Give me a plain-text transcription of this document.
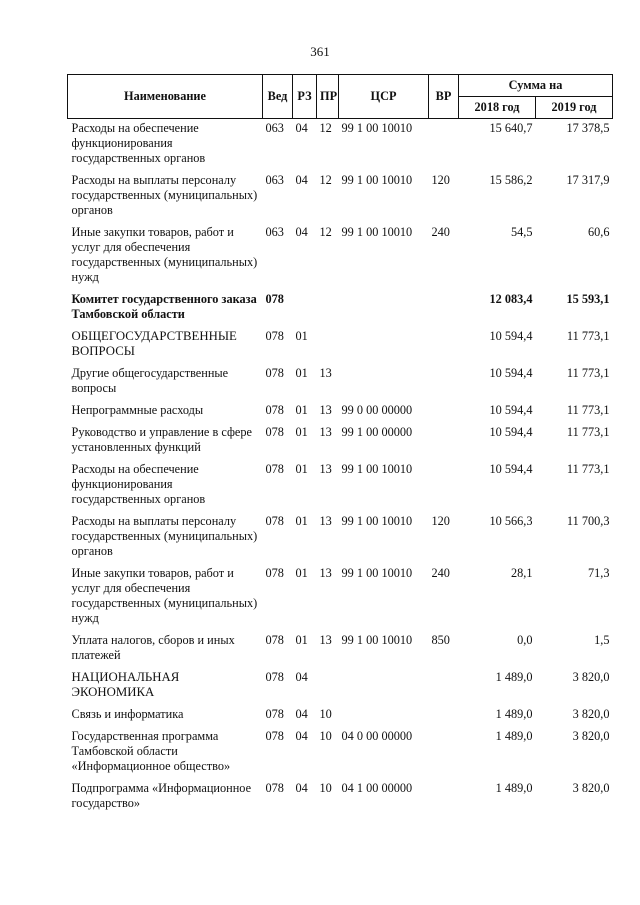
361
Наименование	Вед	РЗ	ПР	ЦСР	ВР	Сумма на	
						2018 год	2019 год
Расходы на обеспечение функционирования государственных органов	063	04	12	99 1 00 10010		15 640,7	17 378,5
Расходы на выплаты персоналу государственных (муниципальных) органов	063	04	12	99 1 00 10010	120	15 586,2	17 317,9
Иные закупки товаров, работ и услуг для обеспечения государственных (муниципальных) нужд	063	04	12	99 1 00 10010	240	54,5	60,6
Комитет государственного заказа Тамбовской области	078					12 083,4	15 593,1
ОБЩЕГОСУДАРСТВЕННЫЕ ВОПРОСЫ	078	01				10 594,4	11 773,1
Другие общегосударственные вопросы	078	01	13			10 594,4	11 773,1
Непрограммные расходы	078	01	13	99 0 00 00000		10 594,4	11 773,1
Руководство и управление в сфере установленных функций	078	01	13	99 1 00 00000		10 594,4	11 773,1
Расходы на обеспечение функционирования государственных органов	078	01	13	99 1 00 10010		10 594,4	11 773,1
Расходы на выплаты персоналу государственных (муниципальных) органов	078	01	13	99 1 00 10010	120	10 566,3	11 700,3
Иные закупки товаров, работ и услуг для обеспечения государственных (муниципальных) нужд	078	01	13	99 1 00 10010	240	28,1	71,3
Уплата налогов, сборов и иных платежей	078	01	13	99 1 00 10010	850	0,0	1,5
НАЦИОНАЛЬНАЯ ЭКОНОМИКА	078	04				1 489,0	3 820,0
Связь и информатика	078	04	10			1 489,0	3 820,0
Государственная программа Тамбовской области «Информационное общество»	078	04	10	04 0 00 00000		1 489,0	3 820,0
Подпрограмма «Информационное государство»	078	04	10	04 1 00 00000		1 489,0	3 820,0
